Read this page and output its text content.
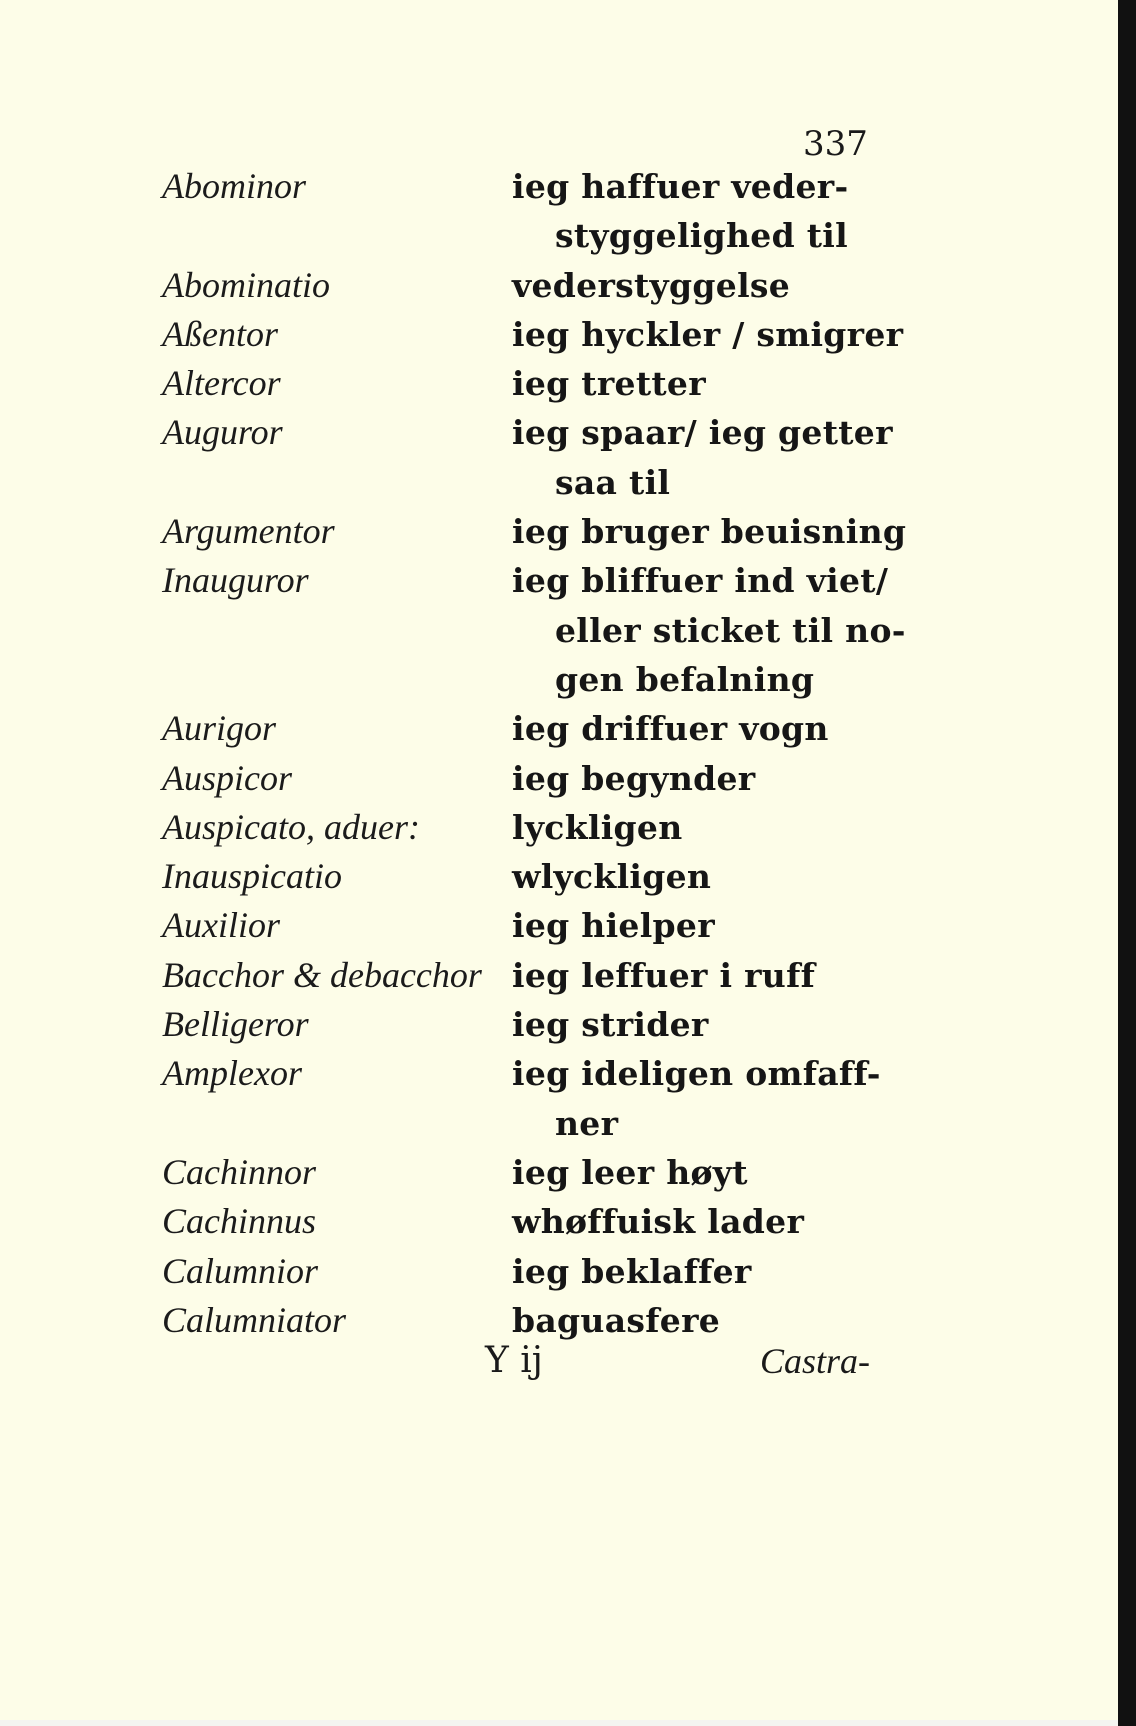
337
Abominor	ieg haffuer veder-
styggelighed til
Abominatio	vederstyggelse
Aßentor	ieg hyckler / smigrer
Altercor	ieg tretter
Auguror	ieg spaar/ ieg getter
saa til
Argumentor	ieg bruger beuisning
Inauguror	ieg bliffuer ind viet/
eller sticket til no-
gen befalning
Aurigor	ieg driffuer vogn
Auspicor	ieg begynder
Auspicato, aduer:	lyckligen
Inauspicatio	wlyckligen
Auxilior	ieg hielper
Bacchor & debacchor ieg leffuer i ruff
Belligeror	ieg strider
Amplexor	ieg ideligen omfaff-
ner
Cachinnor	ieg leer høyt
Cachinnus	whøffuisk lader
Calumnior	ieg beklaffer
Calumniator	baguasfere
Y ij	Castra-
